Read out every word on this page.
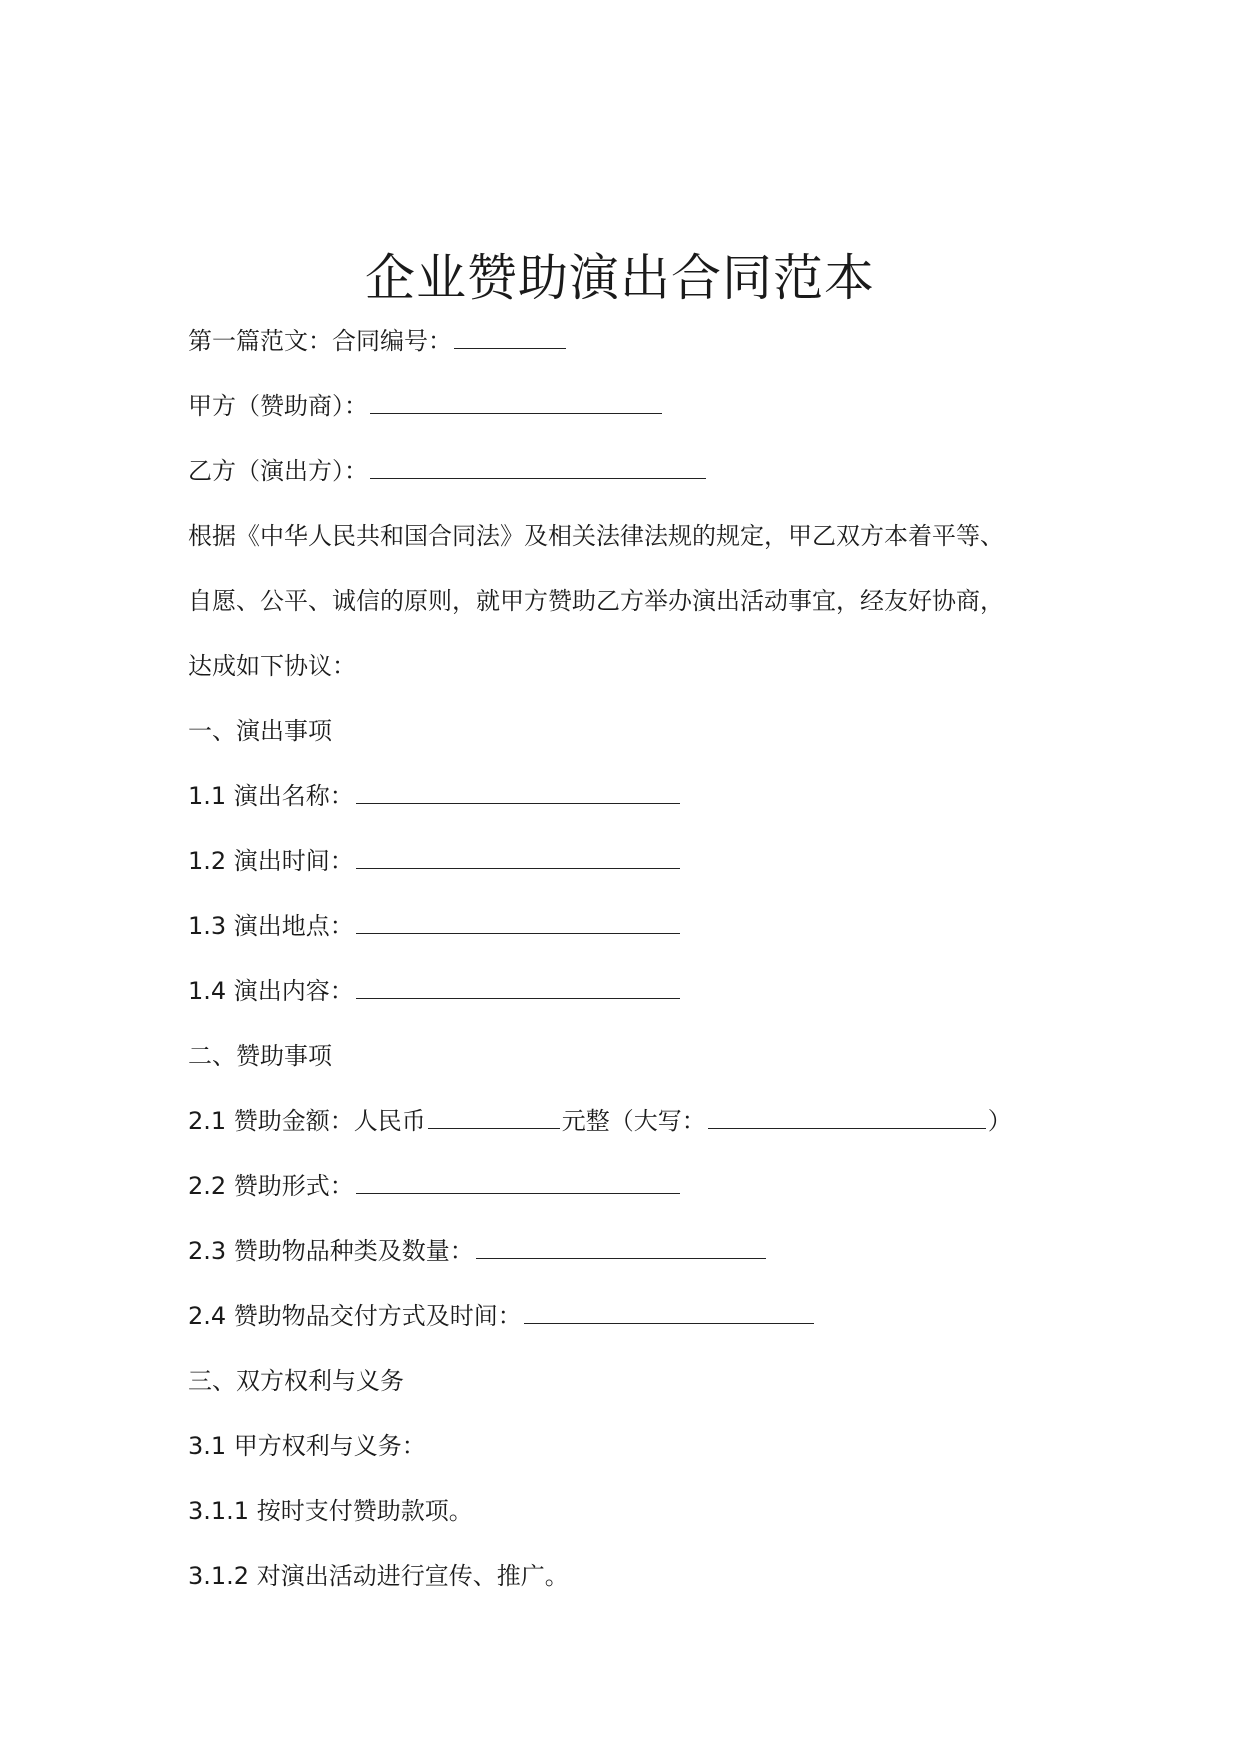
企业赞助演出合同范本
第一篇范文：合同编号：
甲方（赞助商）：
乙方（演出方）：
根据《中华人民共和国合同法》及相关法律法规的规定，甲乙双方本着平等、
自愿、公平、诚信的原则，就甲方赞助乙方举办演出活动事宜，经友好协商，
达成如下协议：
一、演出事项
1.1 演出名称：
1.2 演出时间：
1.3 演出地点：
1.4 演出内容：
二、赞助事项
2.1 赞助金额：人民币	元整（大写：	）
2.2 赞助形式：
2.3 赞助物品种类及数量：
2.4 赞助物品交付方式及时间：
三、双方权利与义务
3.1 甲方权利与义务：
3.1.1 按时支付赞助款项。
3.1.2 对演出活动进行宣传、推广。
